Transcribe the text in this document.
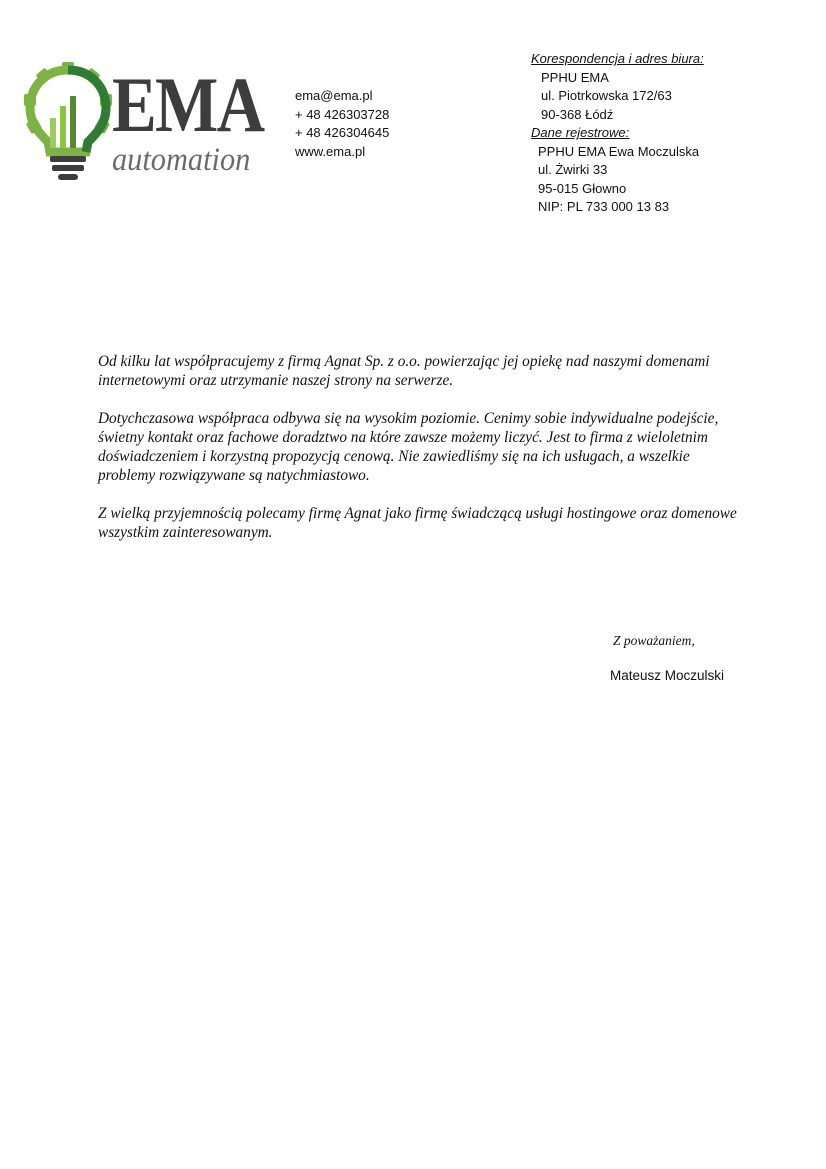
EMA
automation
ema@ema.pl
+ 48 426303728
+ 48 426304645
www.ema.pl
Korespondencja i adres biura:
PPHU EMA
ul. Piotrkowska 172/63
90-368 Łódź
Dane rejestrowe:
PPHU EMA Ewa Moczulska
ul. Żwirki 33
95-015 Głowno
NIP: PL 733 000 13 83

Od kilku lat współpracujemy z firmą Agnat Sp. z o.o. powierzając jej opiekę nad naszymi domenami internetowymi oraz utrzymanie naszej strony na serwerze.

Dotychczasowa współpraca odbywa się na wysokim poziomie. Cenimy sobie indywidualne podejście, świetny kontakt oraz fachowe doradztwo na które zawsze możemy liczyć. Jest to firma z wieloletnim doświadczeniem i korzystną propozycją cenową. Nie zawiedliśmy się na ich usługach, a wszelkie problemy rozwiązywane są natychmiastowo.

Z wielką przyjemnością polecamy firmę Agnat jako firmę świadczącą usługi hostingowe oraz domenowe wszystkim zainteresowanym.

Z poważaniem,
Mateusz Moczulski
